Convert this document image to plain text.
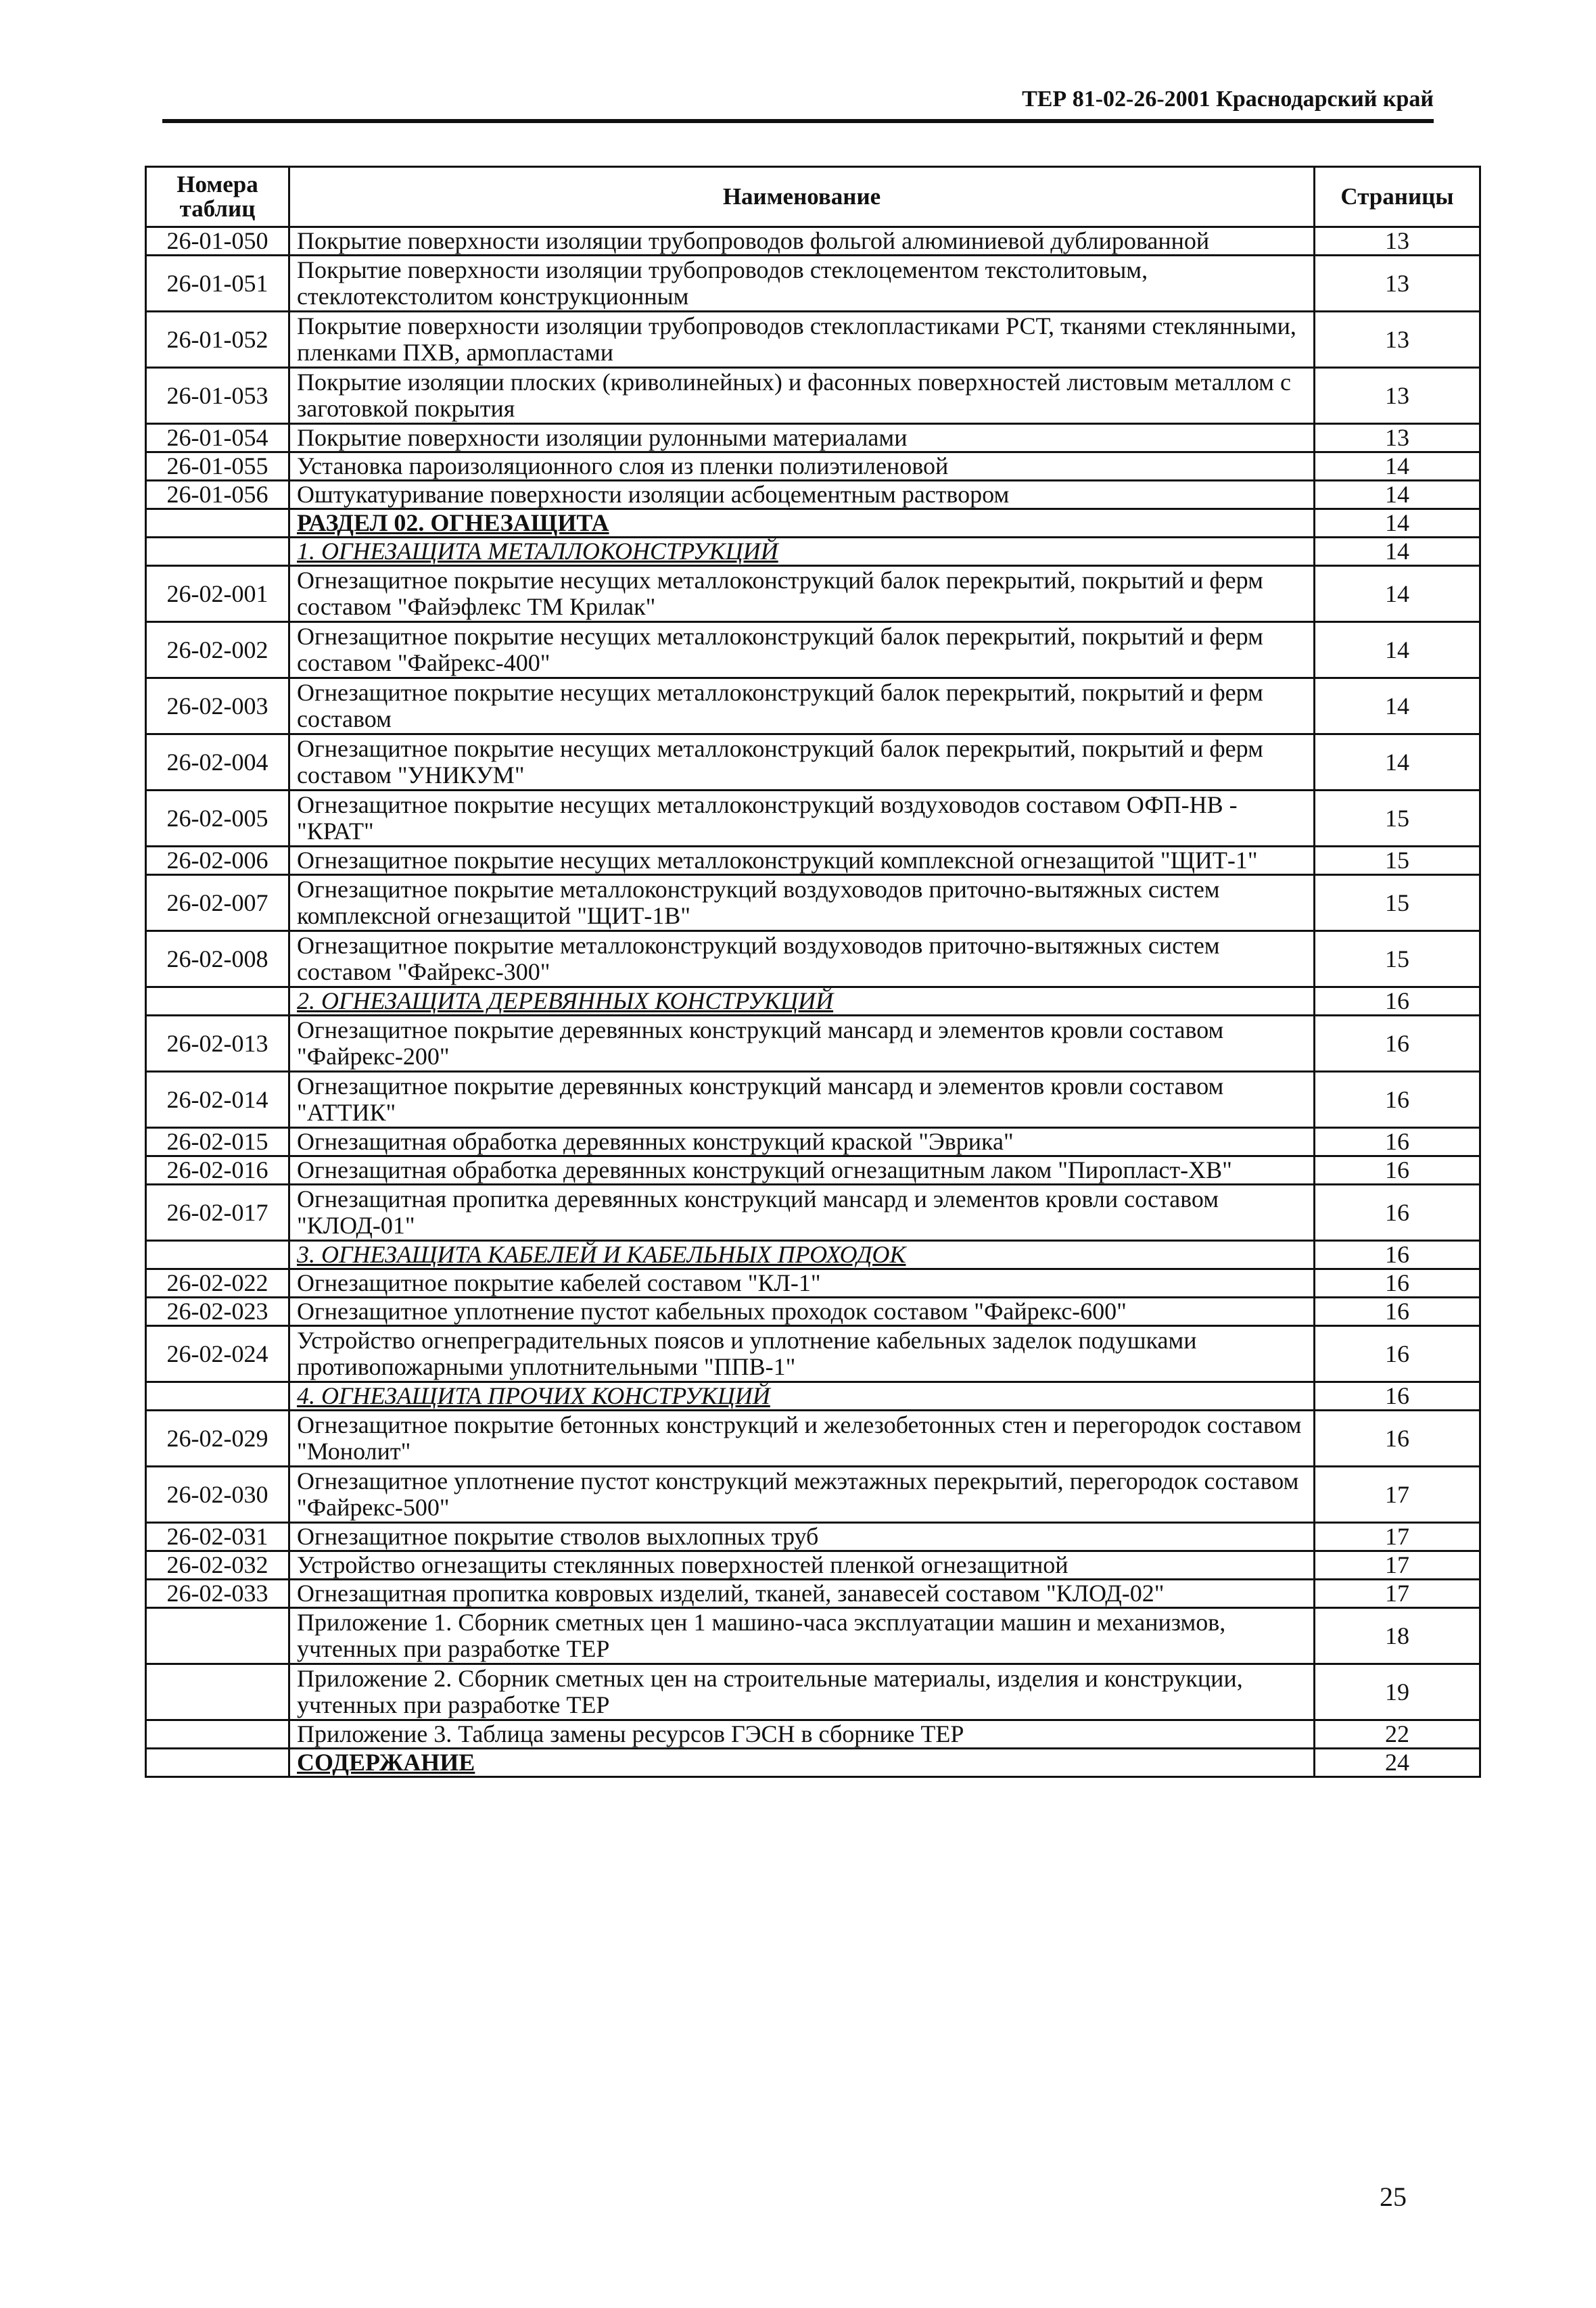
ТЕР 81-02-26-2001 Краснодарский край
Номера таблиц	Наименование	Страницы
26-01-050	Покрытие поверхности изоляции трубопроводов фольгой алюминиевой дублированной	13
26-01-051	Покрытие поверхности изоляции трубопроводов стеклоцементом текстолитовым, стеклотекстолитом конструкционным	13
26-01-052	Покрытие поверхности изоляции трубопроводов стеклопластиками РСТ, тканями стеклянными, пленками ПХВ, армопластами	13
26-01-053	Покрытие изоляции плоских (криволинейных) и фасонных поверхностей листовым металлом с заготовкой покрытия	13
26-01-054	Покрытие поверхности изоляции рулонными материалами	13
26-01-055	Установка пароизоляционного слоя из пленки полиэтиленовой	14
26-01-056	Оштукатуривание поверхности изоляции асбоцементным раствором	14
	РАЗДЕЛ 02. ОГНЕЗАЩИТА	14
	1. ОГНЕЗАЩИТА МЕТАЛЛОКОНСТРУКЦИЙ	14
26-02-001	Огнезащитное покрытие несущих металлоконструкций балок перекрытий, покрытий и ферм составом "Файэфлекс ТМ Крилак"	14
26-02-002	Огнезащитное покрытие несущих металлоконструкций балок перекрытий, покрытий и ферм составом "Файрекс-400"	14
26-02-003	Огнезащитное покрытие несущих металлоконструкций балок перекрытий, покрытий и ферм составом	14
26-02-004	Огнезащитное покрытие несущих металлоконструкций балок перекрытий, покрытий и ферм составом "УНИКУМ"	14
26-02-005	Огнезащитное покрытие несущих металлоконструкций воздуховодов составом ОФП-НВ - "КРАТ"	15
26-02-006	Огнезащитное покрытие несущих металлоконструкций комплексной огнезащитой "ЩИТ-1"	15
26-02-007	Огнезащитное покрытие металлоконструкций воздуховодов приточно-вытяжных систем комплексной огнезащитой "ЩИТ-1В"	15
26-02-008	Огнезащитное покрытие металлоконструкций воздуховодов приточно-вытяжных систем составом "Файрекс-300"	15
	2. ОГНЕЗАЩИТА ДЕРЕВЯННЫХ КОНСТРУКЦИЙ	16
26-02-013	Огнезащитное покрытие деревянных конструкций мансард и элементов кровли составом "Файрекс-200"	16
26-02-014	Огнезащитное покрытие деревянных конструкций мансард и элементов кровли составом "АТТИК"	16
26-02-015	Огнезащитная обработка деревянных конструкций краской "Эврика"	16
26-02-016	Огнезащитная обработка деревянных конструкций огнезащитным лаком "Пиропласт-ХВ"	16
26-02-017	Огнезащитная пропитка деревянных конструкций мансард и элементов кровли составом "КЛОД-01"	16
	3. ОГНЕЗАЩИТА КАБЕЛЕЙ И КАБЕЛЬНЫХ ПРОХОДОК	16
26-02-022	Огнезащитное покрытие кабелей составом "КЛ-1"	16
26-02-023	Огнезащитное уплотнение пустот кабельных проходок составом "Файрекс-600"	16
26-02-024	Устройство огнепреградительных поясов и уплотнение кабельных заделок подушками противопожарными уплотнительными "ППВ-1"	16
	4. ОГНЕЗАЩИТА ПРОЧИХ КОНСТРУКЦИЙ	16
26-02-029	Огнезащитное покрытие бетонных конструкций и железобетонных стен и перегородок составом "Монолит"	16
26-02-030	Огнезащитное уплотнение пустот конструкций межэтажных перекрытий, перегородок составом "Файрекс-500"	17
26-02-031	Огнезащитное покрытие стволов выхлопных труб	17
26-02-032	Устройство огнезащиты стеклянных поверхностей пленкой огнезащитной	17
26-02-033	Огнезащитная пропитка ковровых изделий, тканей, занавесей составом "КЛОД-02"	17
	Приложение 1. Сборник сметных цен 1 машино-часа эксплуатации машин и механизмов, учтенных при разработке ТЕР	18
	Приложение 2. Сборник сметных цен на строительные материалы, изделия и конструкции, учтенных при разработке ТЕР	19
	Приложение 3. Таблица замены ресурсов ГЭСН в сборнике ТЕР	22
	СОДЕРЖАНИЕ	24
25
